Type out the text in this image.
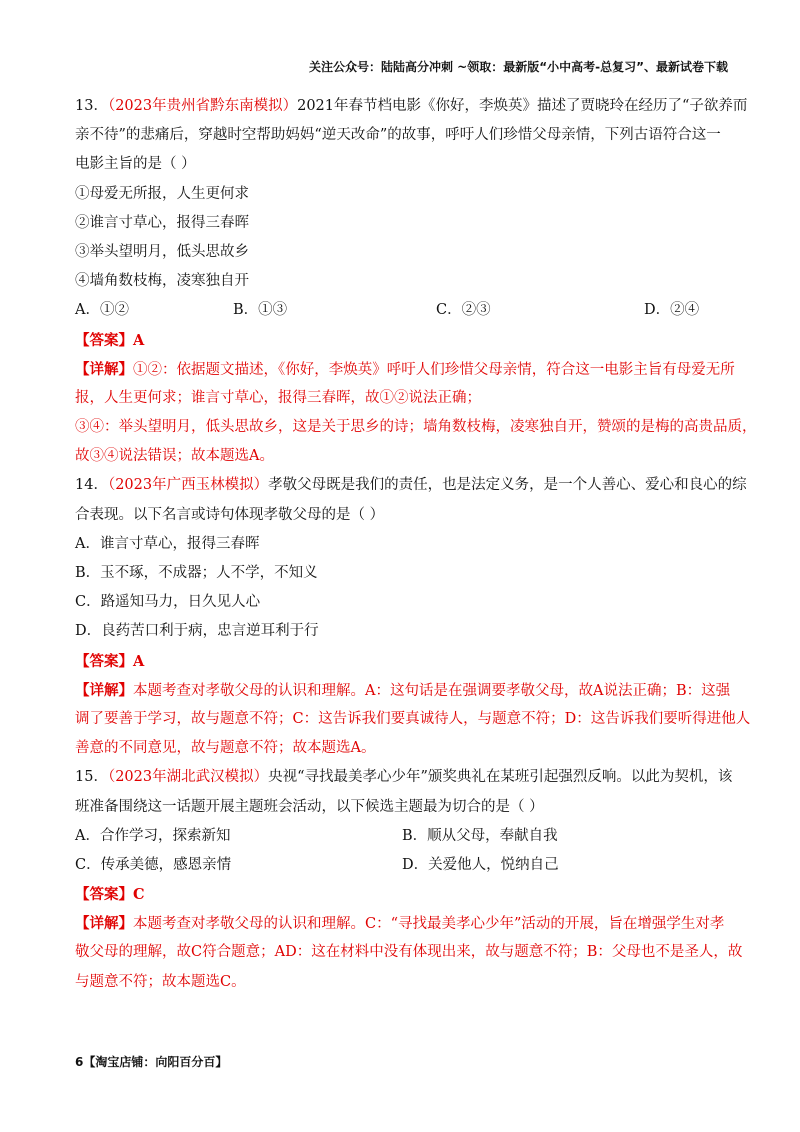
关注公众号：陆陆高分冲刺 ~领取：最新版“小中高考-总复习”、最新试卷下载
13．（2023年贵州省黔东南模拟）2021年春节档电影《你好，李焕英》描述了贾晓玲在经历了“子欲养而
亲不待”的悲痛后，穿越时空帮助妈妈“逆天改命”的故事，呼吁人们珍惜父母亲情，下列古语符合这一
电影主旨的是（ ）
①母爱无所报，人生更何求
②谁言寸草心，报得三春晖
③举头望明月，低头思故乡
④墙角数枝梅，凌寒独自开
A．①②	B．①③	C．②③	D．②④
【答案】A
【详解】①②：依据题文描述，《你好，李焕英》呼吁人们珍惜父母亲情，符合这一电影主旨有母爱无所
报，人生更何求；谁言寸草心，报得三春晖，故①②说法正确；
③④：举头望明月，低头思故乡，这是关于思乡的诗；墙角数枝梅，凌寒独自开，赞颂的是梅的高贵品质，
故③④说法错误；故本题选A。
14．（2023年广西玉林模拟）孝敬父母既是我们的责任，也是法定义务，是一个人善心、爱心和良心的综
合表现。以下名言或诗句体现孝敬父母的是（ ）
A．谁言寸草心，报得三春晖
B．玉不琢，不成器；人不学，不知义
C．路遥知马力，日久见人心
D．良药苦口利于病，忠言逆耳利于行
【答案】A
【详解】本题考查对孝敬父母的认识和理解。A：这句话是在强调要孝敬父母，故A说法正确；B：这强
调了要善于学习，故与题意不符；C：这告诉我们要真诚待人，与题意不符；D：这告诉我们要听得进他人
善意的不同意见，故与题意不符；故本题选A。
15．（2023年湖北武汉模拟）央视“寻找最美孝心少年”颁奖典礼在某班引起强烈反响。以此为契机，该
班准备围绕这一话题开展主题班会活动，以下候选主题最为切合的是（ ）
A．合作学习，探索新知	B．顺从父母，奉献自我
C．传承美德，感恩亲情	D．关爱他人，悦纳自己
【答案】C
【详解】本题考查对孝敬父母的认识和理解。C：“寻找最美孝心少年”活动的开展，旨在增强学生对孝
敬父母的理解，故C符合题意；AD：这在材料中没有体现出来，故与题意不符；B：父母也不是圣人，故
与题意不符；故本题选C。
6【淘宝店铺：向阳百分百】
